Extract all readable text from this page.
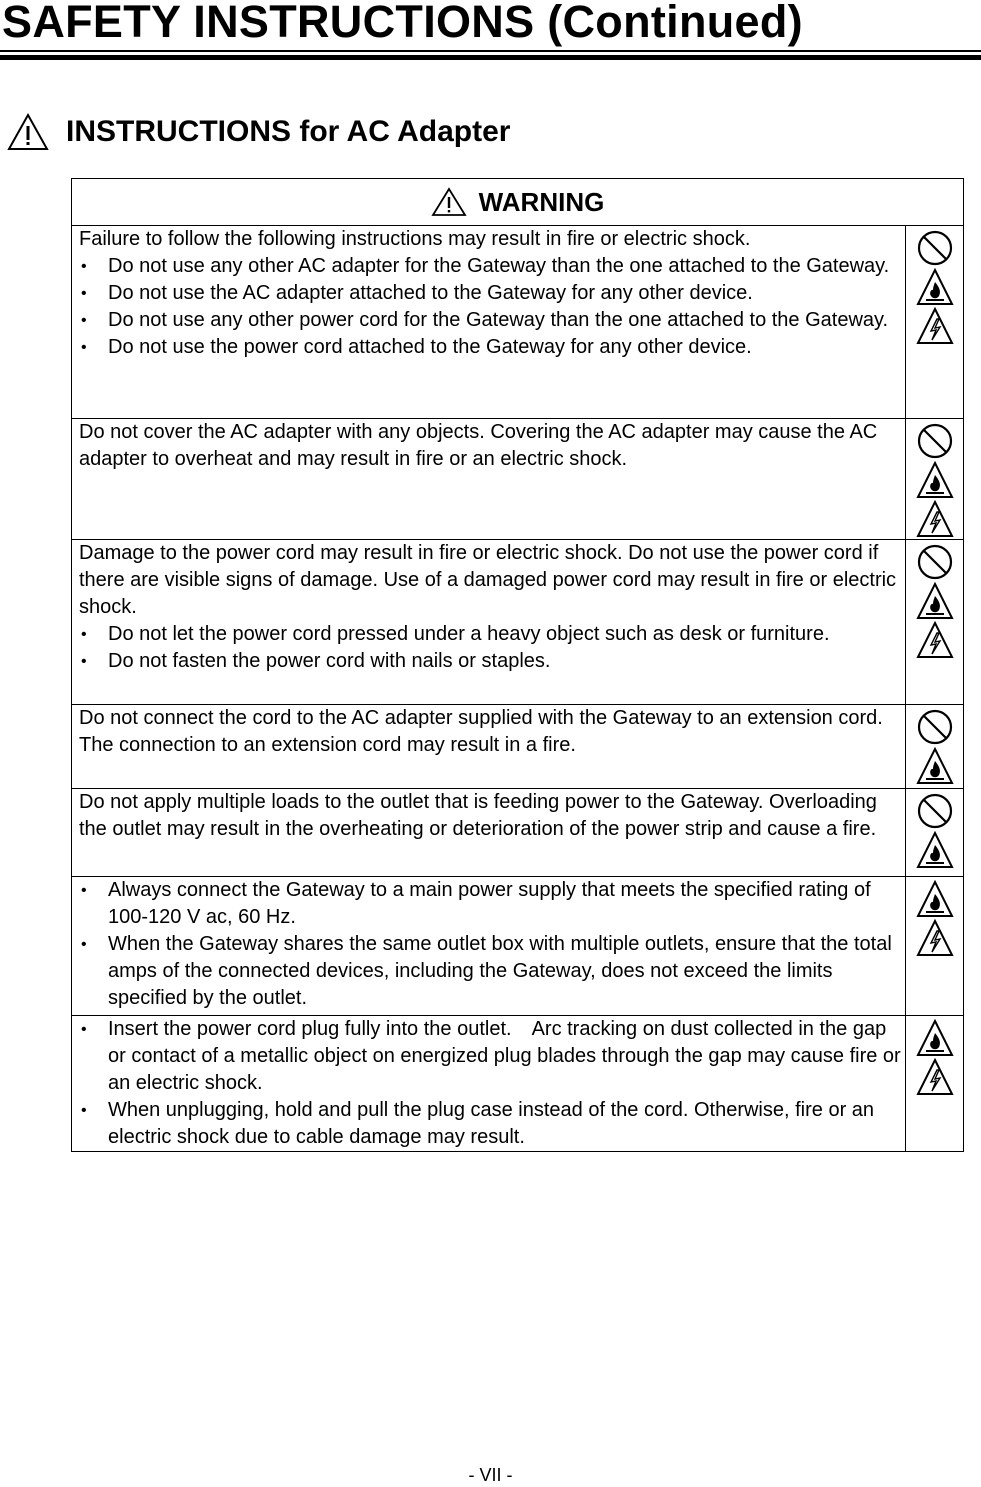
SAFETY INSTRUCTIONS (Continued)
INSTRUCTIONS for AC Adapter
WARNING

Failure to follow the following instructions may result in fire or electric shock.
• Do not use any other AC adapter for the Gateway than the one attached to the Gateway.
• Do not use the AC adapter attached to the Gateway for any other device.
• Do not use any other power cord for the Gateway than the one attached to the Gateway.
• Do not use the power cord attached to the Gateway for any other device.

Do not cover the AC adapter with any objects. Covering the AC adapter may cause the AC adapter to overheat and may result in fire or an electric shock.

Damage to the power cord may result in fire or electric shock. Do not use the power cord if there are visible signs of damage. Use of a damaged power cord may result in fire or electric shock.
• Do not let the power cord pressed under a heavy object such as desk or furniture.
• Do not fasten the power cord with nails or staples.

Do not connect the cord to the AC adapter supplied with the Gateway to an extension cord. The connection to an extension cord may result in a fire.

Do not apply multiple loads to the outlet that is feeding power to the Gateway. Overloading the outlet may result in the overheating or deterioration of the power strip and cause a fire.

• Always connect the Gateway to a main power supply that meets the specified rating of 100-120 V ac, 60 Hz.
• When the Gateway shares the same outlet box with multiple outlets, ensure that the total amps of the connected devices, including the Gateway, does not exceed the limits specified by the outlet.

• Insert the power cord plug fully into the outlet.　Arc tracking on dust collected in the gap or contact of a metallic object on energized plug blades through the gap may cause fire or an electric shock.
• When unplugging, hold and pull the plug case instead of the cord. Otherwise, fire or an electric shock due to cable damage may result.

- VII -
